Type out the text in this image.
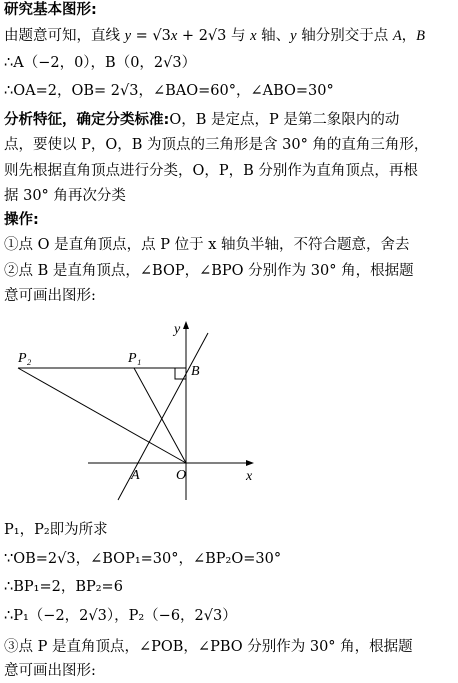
研究基本图形:
由题意可知，直线 y = √3x + 2√3 与 x 轴、y 轴分别交于点 A，B
∴A（−2，0），B（0，2√3）
∴OA=2，OB= 2√3，∠BAO=60°，∠ABO=30°
分析特征，确定分类标准:O，B 是定点，P 是第二象限内的动
点，要使以 P，O，B 为顶点的三角形是含 30° 角的直角三角形，
则先根据直角顶点进行分类，O，P，B 分别作为直角顶点，再根
据 30° 角再次分类
操作:
①点 O 是直角顶点，点 P 位于 x 轴负半轴，不符合题意，舍去
②点 B 是直角顶点，∠BOP，∠BPO 分别作为 30° 角，根据题
意可画出图形:
y
x
O
A
B
P₁
P₂
P₁，P₂即为所求
∵OB=2√3，∠BOP₁=30°，∠BP₂O=30°
∴BP₁=2，BP₂=6
∴P₁（−2，2√3），P₂（−6，2√3）
③点 P 是直角顶点，∠POB，∠PBO 分别作为 30° 角，根据题
意可画出图形:
